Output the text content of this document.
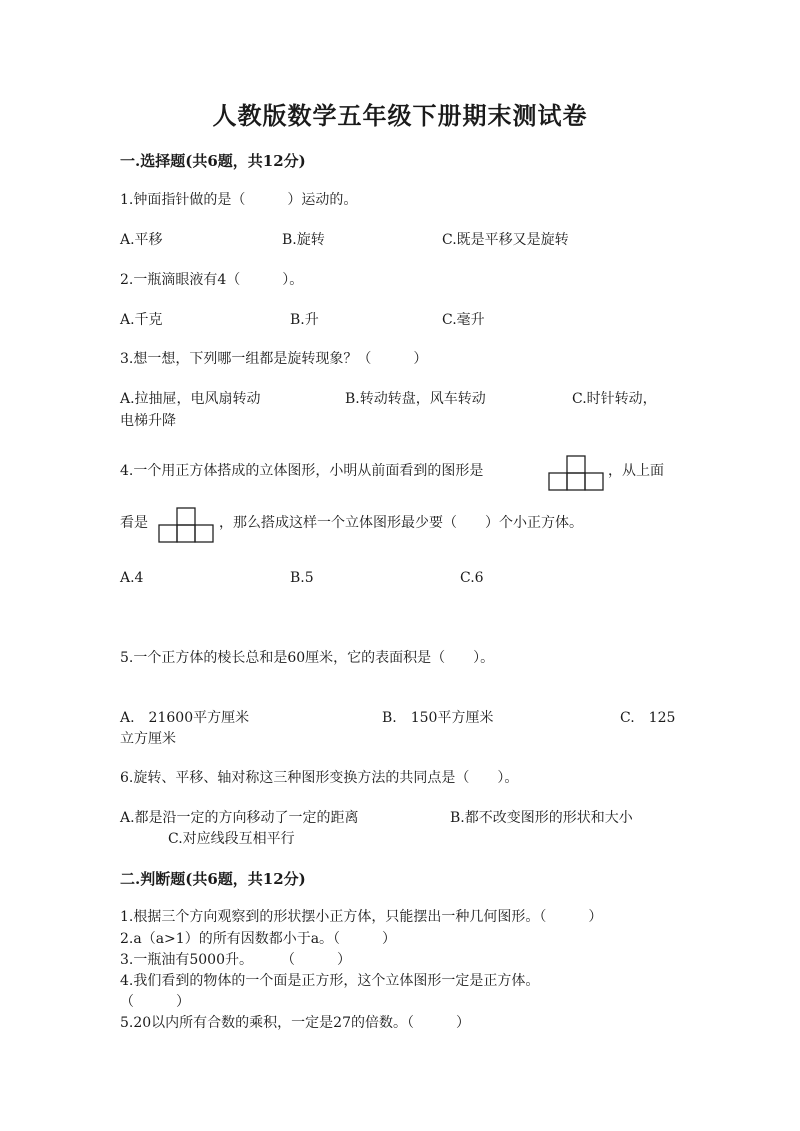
人教版数学五年级下册期末测试卷
一.选择题(共6题，共12分)
1.钟面指针做的是（　　　）运动的。
A.平移	B.旋转	C.既是平移又是旋转
2.一瓶滴眼液有4（　　　）。
A.千克	B.升	C.毫升
3.想一想，下列哪一组都是旋转现象？（　　　）
A.拉抽屉，电风扇转动	B.转动转盘，风车转动	C.时针转动，
电梯升降
4.一个用正方体搭成的立体图形，小明从前面看到的图形是	，从上面
看是	，那么搭成这样一个立体图形最少要（　　）个小正方体。
A.4	B.5	C.6
5.一个正方体的棱长总和是60厘米，它的表面积是（　　）。
A.　21600平方厘米	B.　150平方厘米	C.　125
立方厘米
6.旋转、平移、轴对称这三种图形变换方法的共同点是（　　）。
A.都是沿一定的方向移动了一定的距离	B.都不改变图形的形状和大小
C.对应线段互相平行
二.判断题(共6题，共12分)
1.根据三个方向观察到的形状摆小正方体，只能摆出一种几何图形。（　　　）
2.a（a>1）的所有因数都小于a。（　　　）
3.一瓶油有5000升。　　　（　　　）
4.我们看到的物体的一个面是正方形，这个立体图形一定是正方体。
（　　　）
5.20以内所有合数的乘积，一定是27的倍数。（　　　）
